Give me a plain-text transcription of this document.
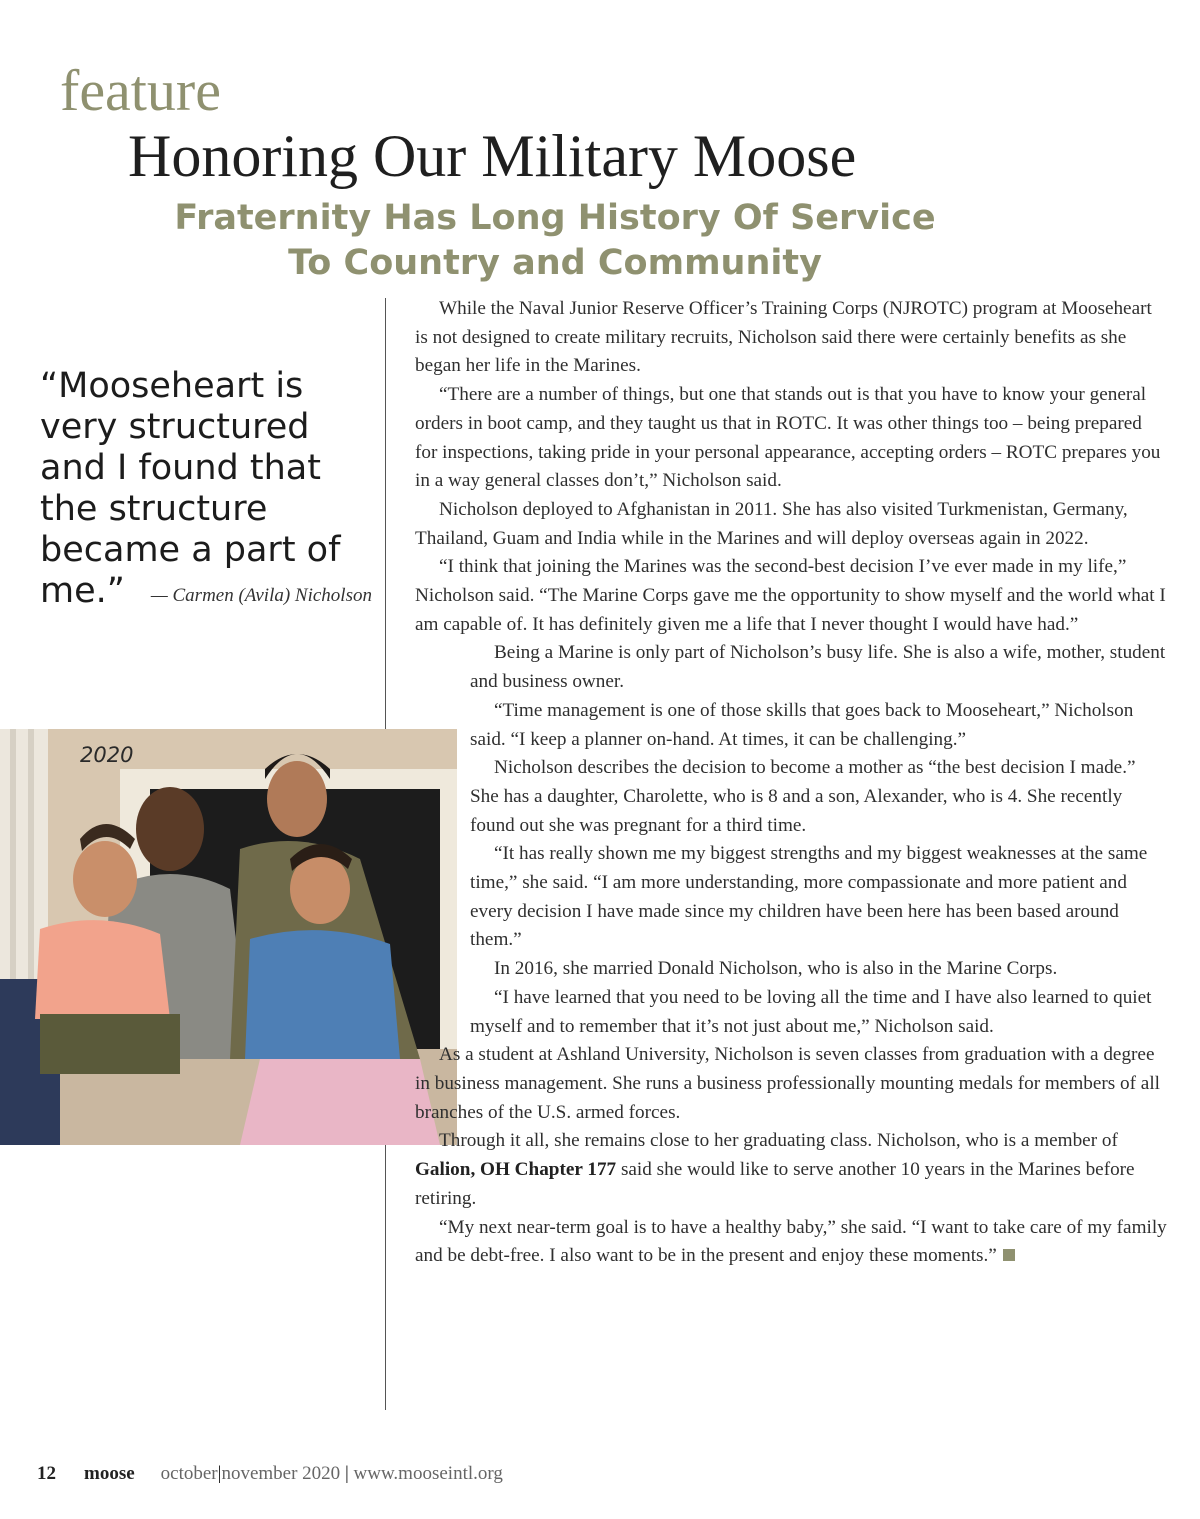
feature
Honoring Our Military Moose
Fraternity Has Long History Of Service
To Country and Community
“Mooseheart is very structured and I found that the structure became a part of me.”	— Carmen (Avila) Nicholson
2020

While the Naval Junior Reserve Officer’s Training Corps (NJROTC) program at Mooseheart is not designed to create military recruits, Nicholson said there were certainly benefits as she began her life in the Marines.

“There are a number of things, but one that stands out is that you have to know your general orders in boot camp, and they taught us that in ROTC. It was other things too – being prepared for inspections, taking pride in your personal appearance, accepting orders – ROTC prepares you in a way general classes don’t,” Nicholson said.

Nicholson deployed to Afghanistan in 2011. She has also visited Turkmenistan, Germany, Thailand, Guam and India while in the Marines and will deploy overseas again in 2022.

“I think that joining the Marines was the second-best decision I’ve ever made in my life,” Nicholson said. “The Marine Corps gave me the opportunity to show myself and the world what I am capable of. It has definitely given me a life that I never thought I would have had.”

Being a Marine is only part of Nicholson’s busy life. She is also a wife, mother, student and business owner.

“Time management is one of those skills that goes back to Mooseheart,” Nicholson said. “I keep a planner on-hand. At times, it can be challenging.”

Nicholson describes the decision to become a mother as “the best decision I made.” She has a daughter, Charolette, who is 8 and a son, Alexander, who is 4. She recently found out she was pregnant for a third time.

“It has really shown me my biggest strengths and my biggest weaknesses at the same time,” she said. “I am more understanding, more compassionate and more patient and every decision I have made since my children have been here has been based around them.”

In 2016, she married Donald Nicholson, who is also in the Marine Corps.

“I have learned that you need to be loving all the time and I have also learned to quiet myself and to remember that it’s not just about me,” Nicholson said.

As a student at Ashland University, Nicholson is seven classes from graduation with a degree in business management. She runs a business professionally mounting medals for members of all branches of the U.S. armed forces.

Through it all, she remains close to her graduating class. Nicholson, who is a member of Galion, OH Chapter 177 said she would like to serve another 10 years in the Marines before retiring.

“My next near-term goal is to have a healthy baby,” she said. “I want to take care of my family and be debt-free. I also want to be in the present and enjoy these moments.”

12 moose october|november 2020 | www.mooseintl.org
